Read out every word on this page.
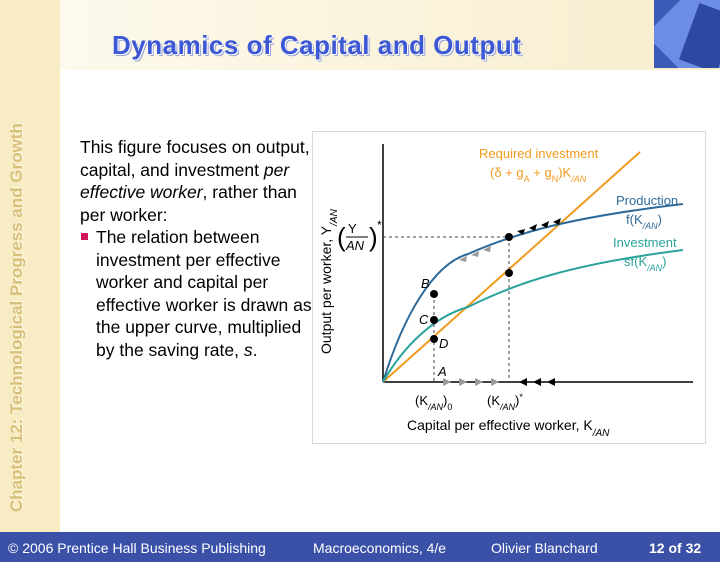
Chapter 12: Technological Progress and Growth
Dynamics of Capital and Output

This figure focuses on output, capital, and investment per effective worker, rather than per worker:

The relation between investment per effective worker and capital per effective worker is drawn as the upper curve, multiplied by the saving rate, s.

A
B
C
D
Output per worker, $Y_{/AN}$
( Y
AN ) *
$(K_{/AN})_0$	$(K_{/AN})^*$
Capital per effective worker, $K_{/AN}$
Required investment
$(\delta + g_A + g_N)K_{/AN}$
Production
$f(K_{/AN})$
Investment
$sf(K_{/AN})$
© 2006 Prentice Hall Business Publishing	Macroeconomics, 4/e	Olivier Blanchard	12 of 32
